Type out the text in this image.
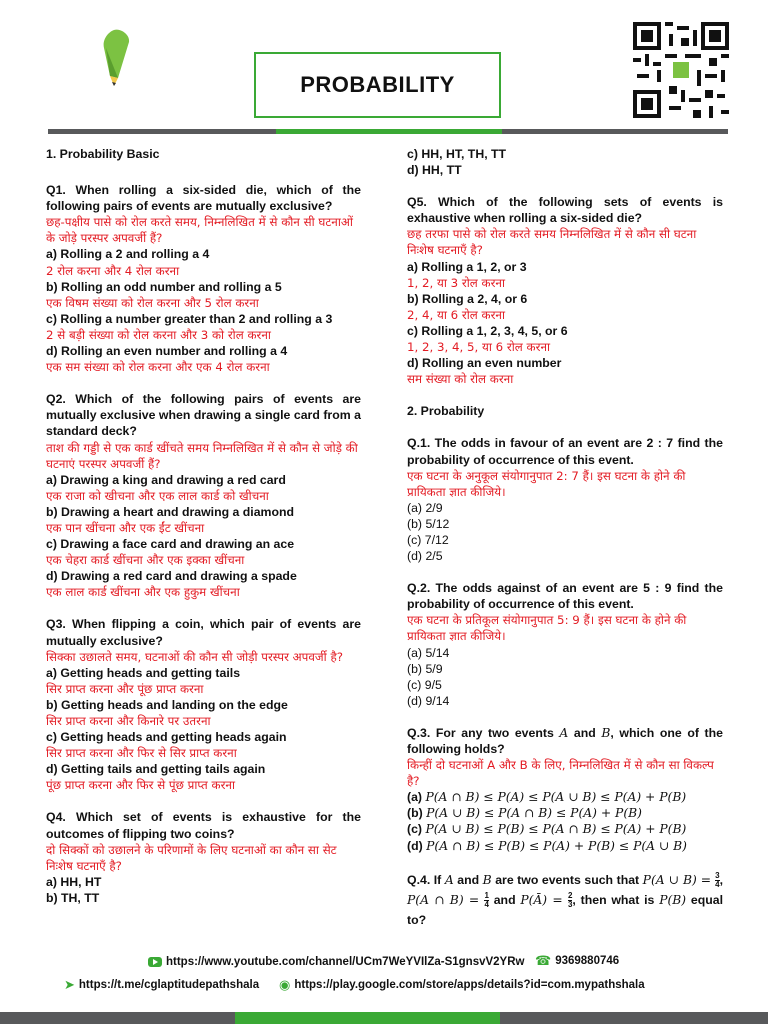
PROBABILITY

1. Probability Basic

Q1. When rolling a six-sided die, which of the following pairs of events are mutually exclusive?

छह-पक्षीय पासे को रोल करते समय, निम्नलिखित में से कौन सी घटनाओं के जोड़े परस्पर अपवर्जी हैं?

a) Rolling a 2 and rolling a 4

2 रोल करना और 4 रोल करना

b) Rolling an odd number and rolling a 5

एक विषम संख्या को रोल करना और 5 रोल करना

c) Rolling a number greater than 2 and rolling a 3

2 से बड़ी संख्या को रोल करना और 3 को रोल करना

d) Rolling an even number and rolling a 4

एक सम संख्या को रोल करना और एक 4 रोल करना

Q2. Which of the following pairs of events are mutually exclusive when drawing a single card from a standard deck?

ताश की गड्डी से एक कार्ड खींचते समय निम्नलिखित में से कौन से जोड़े की घटनाएं परस्पर अपवर्जी हैं?

a) Drawing a king and drawing a red card

एक राजा को खीचना और एक लाल कार्ड को खीचना

b) Drawing a heart and drawing a diamond

एक पान खींचना और एक ईंट खींचना

c) Drawing a face card and drawing an ace

एक चेहरा कार्ड खींचना और एक इक्का खींचना

d) Drawing a red card and drawing a spade

एक लाल कार्ड खींचना और एक हुकुम खींचना

Q3. When flipping a coin, which pair of events are mutually exclusive?

सिक्का उछालते समय, घटनाओं की कौन सी जोड़ी परस्पर अपवर्जी है?

a) Getting heads and getting tails

सिर प्राप्त करना और पूंछ प्राप्त करना

b) Getting heads and landing on the edge

सिर प्राप्त करना और किनारे पर उतरना

c) Getting heads and getting heads again

सिर प्राप्त करना और फिर से सिर प्राप्त करना

d) Getting tails and getting tails again

पूंछ प्राप्त करना और फिर से पूंछ प्राप्त करना

Q4. Which set of events is exhaustive for the outcomes of flipping two coins?

दो सिक्कों को उछालने के परिणामों के लिए घटनाओं का कौन सा सेट निःशेष घटनाएँ है?

a) HH, HT

b) TH, TT

c) HH, HT, TH, TT

d) HH, TT

Q5. Which of the following sets of events is exhaustive when rolling a six-sided die?

छह तरफा पासे को रोल करते समय निम्नलिखित में से कौन सी घटना निःशेष घटनाएँ है?

a) Rolling a 1, 2, or 3

1, 2, या 3 रोल करना

b) Rolling a 2, 4, or 6

2, 4, या 6 रोल करना

c) Rolling a 1, 2, 3, 4, 5, or 6

1, 2, 3, 4, 5, या 6 रोल करना

d) Rolling an even number

सम संख्या को रोल करना

2. Probability

Q.1. The odds in favour of an event are 2 : 7 find the probability of occurrence of this event.

एक घटना के अनुकूल संयोगानुपात 2: 7 हैं। इस घटना के होने की प्रायिकता ज्ञात कीजिये।

(a) 2/9

(b) 5/12

(c) 7/12

(d) 2/5

Q.2. The odds against of an event are 5 : 9 find the probability of occurrence of this event.

एक घटना के प्रतिकूल संयोगानुपात 5: 9 हैं। इस घटना के होने की प्रायिकता ज्ञात कीजिये।

(a) 5/14

(b) 5/9

(c) 9/5

(d) 9/14

Q.3. For any two events A and B, which one of the following holds?

किन्हीं दो घटनाओं A और B के लिए, निम्नलिखित में से कौन सा विकल्प है?

(a) P(A ∩ B) ≤ P(A) ≤ P(A ∪ B) ≤ P(A) + P(B)

(b) P(A ∪ B) ≤ P(A ∩ B) ≤ P(A) + P(B)

(c) P(A ∪ B) ≤ P(B) ≤ P(A ∩ B) ≤ P(A) + P(B)

(d) P(A ∩ B) ≤ P(B) ≤ P(A) + P(B) ≤ P(A ∪ B)

Q.4. If A and B are two events such that P(A ∪ $B) = \frac{3}{4}$ , P(A ∩ $B) = \frac{1}{4}$ and P(Ā) = $\frac{2}{3}$ , then what is P(B) equal to?

https://www.youtube.com/channel/UCm7WeYVIlZa-S1gnsvV2YRw ☎ 9369880746
➤ https://t.me/cglaptitudepathshala ◉ https://play.google.com/store/apps/details?id=com.mypathshala
